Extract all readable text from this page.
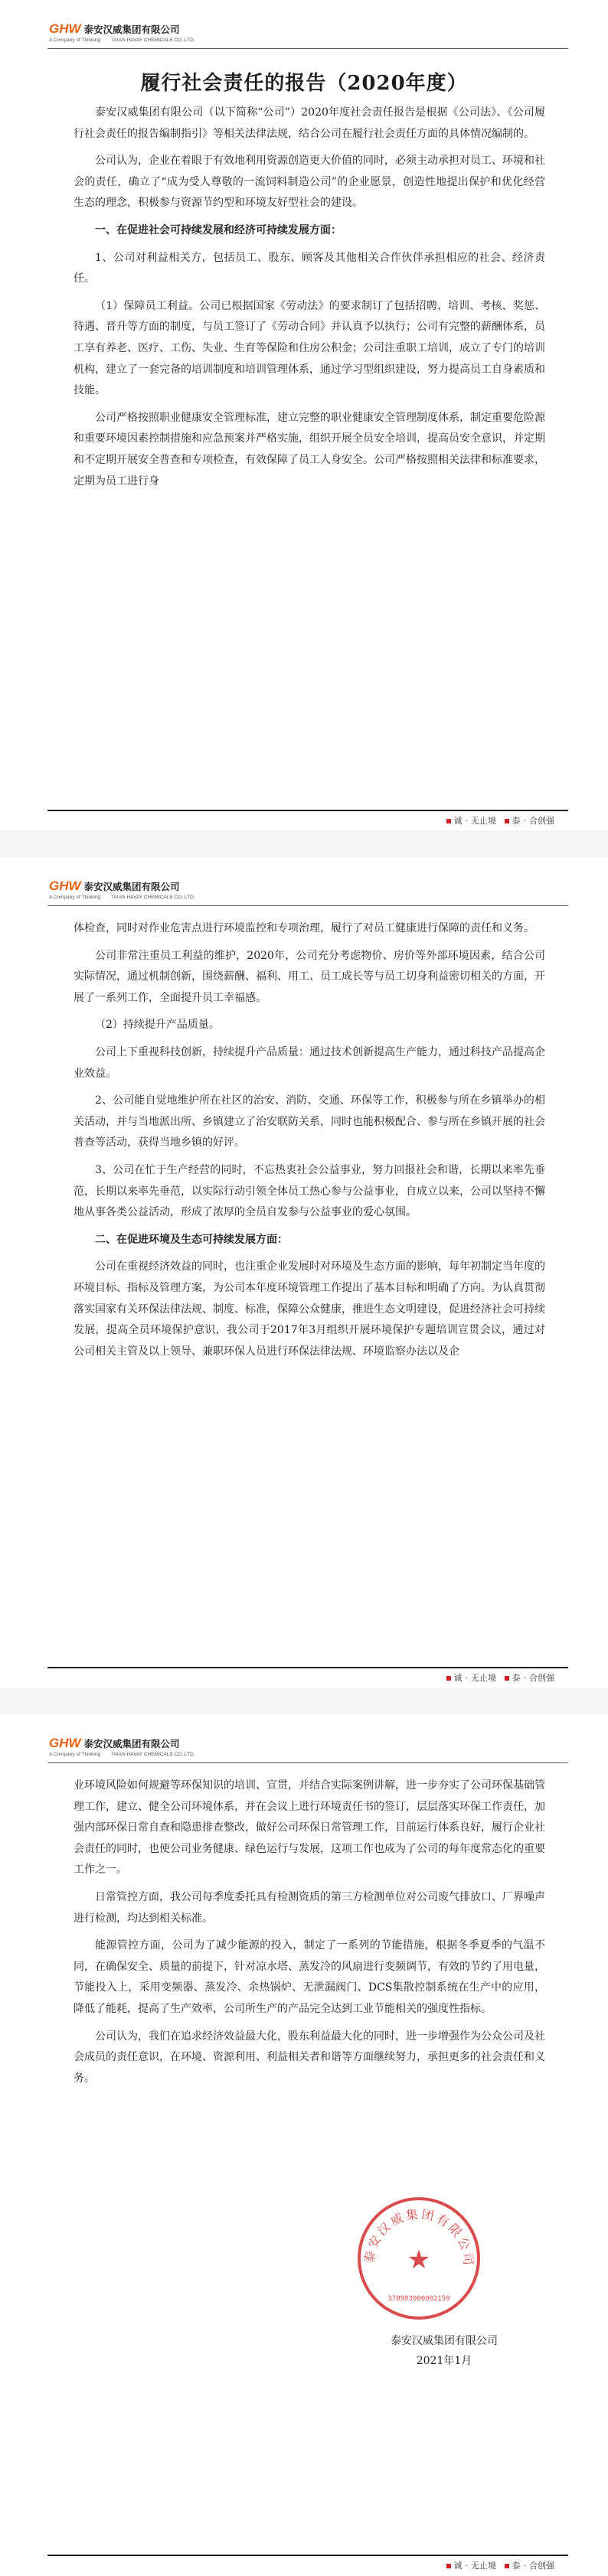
GHW 泰安汉威集团有限公司
A Company of Thinking TAIAN HAVAY CHEMICALS CO.,LTD.
履行社会责任的报告（2020年度）

泰安汉威集团有限公司（以下简称“公司”）2020年度社会责任报告是根据《公司法》、《公司履行社会责任的报告编制指引》等相关法律法规，结合公司在履行社会责任方面的具体情况编制的。

公司认为，企业在着眼于有效地利用资源创造更大价值的同时，必须主动承担对员工、环境和社会的责任，确立了“成为受人尊敬的一流饲料制造公司”的企业愿景，创造性地提出保护和优化经营生态的理念，积极参与资源节约型和环境友好型社会的建设。

一、在促进社会可持续发展和经济可持续发展方面：

1、公司对利益相关方，包括员工、股东、顾客及其他相关合作伙伴承担相应的社会、经济责任。

（1）保障员工利益。公司已根据国家《劳动法》的要求制订了包括招聘、培训、考核、奖惩、待遇、晋升等方面的制度，与员工签订了《劳动合同》并认真予以执行；公司有完整的薪酬体系，员工享有养老、医疗、工伤、失业、生育等保险和住房公积金；公司注重职工培训，成立了专门的培训机构，建立了一套完备的培训制度和培训管理体系，通过学习型组织建设，努力提高员工自身素质和技能。

公司严格按照职业健康安全管理标准，建立完整的职业健康安全管理制度体系，制定重要危险源和重要环境因素控制措施和应急预案并严格实施，组织开展全员安全培训，提高员安全意识，并定期和不定期开展安全普查和专项检查，有效保障了员工人身安全。公司严格按照相关法律和标准要求，定期为员工进行身

诚 · 无止境 泰 · 合创强
GHW 泰安汉威集团有限公司
A Company of Thinking TAIAN HAVAY CHEMICALS CO.,LTD.

体检查，同时对作业危害点进行环境监控和专项治理，履行了对员工健康进行保障的责任和义务。

公司非常注重员工利益的维护，2020年，公司充分考虑物价、房价等外部环境因素，结合公司实际情况，通过机制创新，围绕薪酬、福利、用工、员工成长等与员工切身利益密切相关的方面，开展了一系列工作，全面提升员工幸福感。

（2）持续提升产品质量。

公司上下重视科技创新，持续提升产品质量：通过技术创新提高生产能力，通过科技产品提高企业效益。

2、公司能自觉地维护所在社区的治安、消防、交通、环保等工作，积极参与所在乡镇举办的相关活动，并与当地派出所、乡镇建立了治安联防关系，同时也能积极配合、参与所在乡镇开展的社会普查等活动，获得当地乡镇的好评。

3、公司在忙于生产经营的同时，不忘热衷社会公益事业，努力回报社会和谐，长期以来率先垂范，长期以来率先垂范，以实际行动引领全体员工热心参与公益事业，自成立以来，公司以坚持不懈地从事各类公益活动，形成了浓厚的全员自发参与公益事业的爱心氛围。

二、在促进环境及生态可持续发展方面：

公司在重视经济效益的同时，也注重企业发展时对环境及生态方面的影响，每年初制定当年度的环境目标、指标及管理方案，为公司本年度环境管理工作提出了基本目标和明确了方向。为认真贯彻落实国家有关环保法律法规、制度、标准，保障公众健康，推进生态文明建设，促进经济社会可持续发展，提高全员环境保护意识，我公司于2017年3月组织开展环境保护专题培训宣贯会议，通过对公司相关主管及以上领导、兼职环保人员进行环保法律法规、环境监察办法以及企

诚 · 无止境 泰 · 合创强
GHW 泰安汉威集团有限公司
A Company of Thinking TAIAN HAVAY CHEMICALS CO.,LTD.

业环境风险如何规避等环保知识的培训、宣贯，并结合实际案例讲解，进一步夯实了公司环保基础管理工作，建立、健全公司环境体系，并在会议上进行环境责任书的签订，层层落实环保工作责任，加强内部环保日常自查和隐患排查整改，做好公司环保日常管理工作，目前运行体系良好，履行企业社会责任的同时，也使公司业务健康、绿色运行与发展，这项工作也成为了公司的每年度常态化的重要工作之一。

日常管控方面，我公司每季度委托具有检测资质的第三方检测单位对公司废气排放口、厂界噪声进行检测，均达到相关标准。

能源管控方面，公司为了减少能源的投入，制定了一系列的节能措施，根据冬季夏季的气温不同，在确保安全、质量的前提下，针对凉水塔、蒸发冷的风扇进行变频调节，有效的节约了用电量，节能投入上，采用变频器、蒸发冷、余热锅炉、无泄漏阀门、DCS集散控制系统在生产中的应用，降低了能耗，提高了生产效率，公司所生产的产品完全达到工业节能相关的强度性指标。

公司认为，我们在追求经济效益最大化，股东利益最大化的同时，进一步增强作为公众公司及社会成员的责任意识，在环境、资源利用、利益相关者和谐等方面继续努力，承担更多的社会责任和义务。

诚 · 无止境 泰 · 合创强
泰安汉威集团有限公司
★
370983000002159
泰安汉威集团有限公司
2021年1月
